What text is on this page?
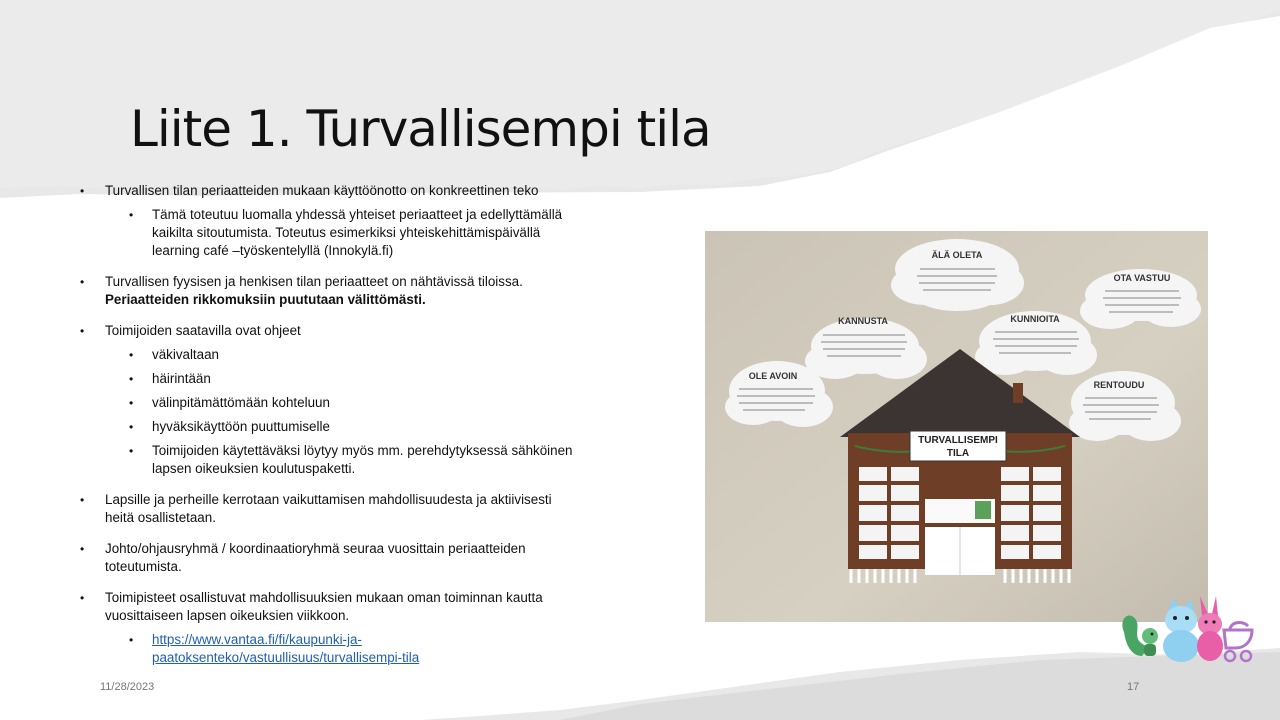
Liite 1. Turvallisempi tila
• Turvallisen tilan periaatteiden mukaan käyttöönotto on konkreettinen teko
• Tämä toteutuu luomalla yhdessä yhteiset periaatteet ja edellyttämällä
kaikilta sitoutumista. Toteutus esimerkiksi yhteiskehittämispäivällä
learning café –työskentelyllä (Innokylä.fi)
• Turvallisen fyysisen ja henkisen tilan periaatteet on nähtävissä tiloissa.
Periaatteiden rikkomuksiin puututaan välittömästi.
• Toimijoiden saatavilla ovat ohjeet
• väkivaltaan
• häirintään
• välinpitämättömään kohteluun
• hyväksikäyttöön puuttumiselle
• Toimijoiden käytettäväksi löytyy myös mm. perehdytyksessä sähköinen
lapsen oikeuksien koulutuspaketti.
• Lapsille ja perheille kerrotaan vaikuttamisen mahdollisuudesta ja aktiivisesti
heitä osallistetaan.
• Johto/ohjausryhmä / koordinaatioryhmä seuraa vuosittain periaatteiden
toteutumista.
• Toimipisteet osallistuvat mahdollisuuksien mukaan oman toiminnan kautta
vuosittaiseen lapsen oikeuksien viikkoon.
• https://www.vantaa.fi/fi/kaupunki-ja-
paatoksenteko/vastuullisuus/turvallisempi-tila
ÄLÄ OLETA
OTA VASTUU
KANNUSTA	KUNNIOITA
OLE AVOIN
RENTOUDU
TURVALLISEMPI
TILA
11/28/2023	17
